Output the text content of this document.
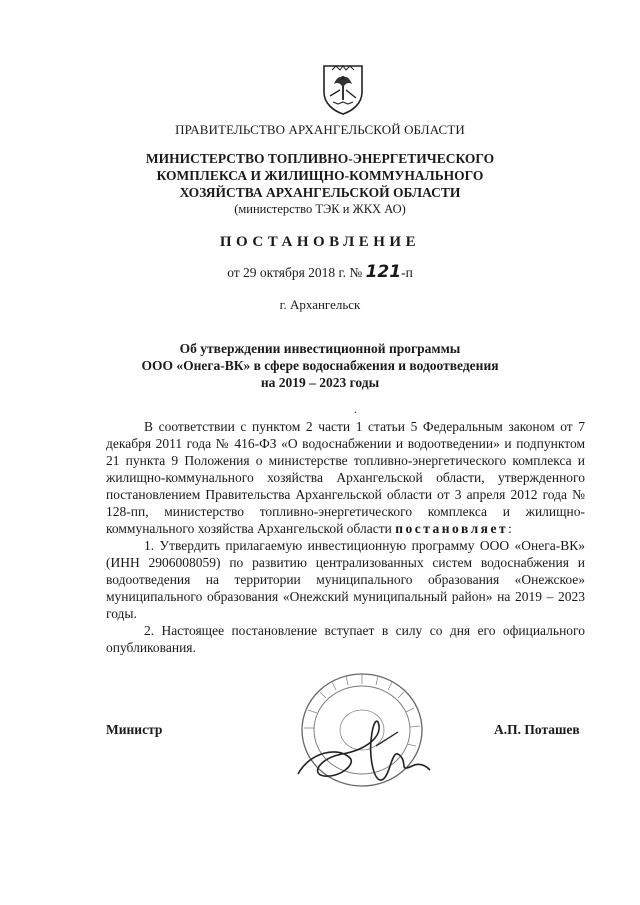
ПРАВИТЕЛЬСТВО АРХАНГЕЛЬСКОЙ ОБЛАСТИ
МИНИСТЕРСТВО ТОПЛИВНО-ЭНЕРГЕТИЧЕСКОГО
КОМПЛЕКСА И ЖИЛИЩНО-КОММУНАЛЬНОГО
ХОЗЯЙСТВА АРХАНГЕЛЬСКОЙ ОБЛАСТИ
(министерство ТЭК и ЖКХ АО)
ПОСТАНОВЛЕНИЕ
от 29 октября 2018 г. № 121-п
г. Архангельск
Об утверждении инвестиционной программы
ООО «Онега-ВК» в сфере водоснабжения и водоотведения
на 2019 – 2023 годы
.

В соответствии с пунктом 2 части 1 статьи 5 Федеральным законом от 7 декабря 2011 года № 416-ФЗ «О водоснабжении и водоотведении» и подпунктом 21 пункта 9 Положения о министерстве топливно-энергетического комплекса и жилищно-коммунального хозяйства Архангельской области, утвержденного постановлением Правительства Архангельской области от 3 апреля 2012 года № 128-пп, министерство топливно-энергетического комплекса и жилищно-коммунального хозяйства Архангельской области постановляет:

1. Утвердить прилагаемую инвестиционную программу ООО «Онега-ВК» (ИНН 2906008059) по развитию централизованных систем водоснабжения и водоотведения на территории муниципального образования «Онежское» муниципального образования «Онежский муниципальный район» на 2019 – 2023 годы.

2. Настоящее постановление вступает в силу со дня его официального опубликования.

Министр	А.П. Поташев
